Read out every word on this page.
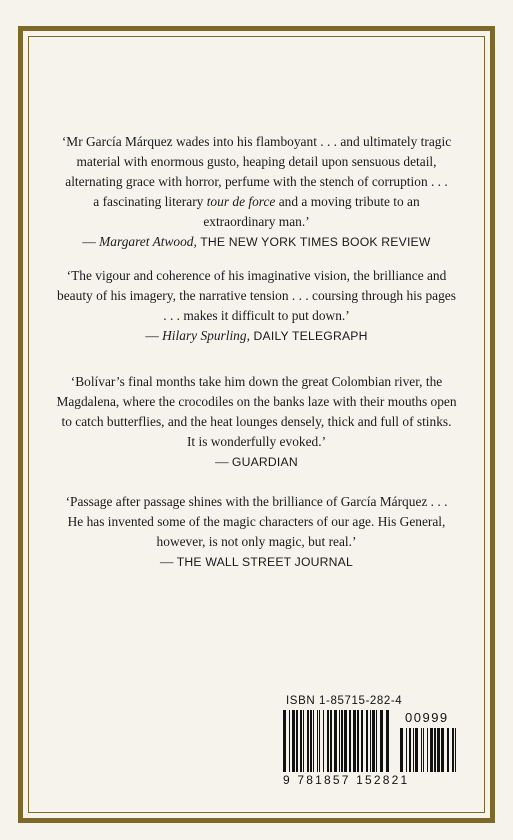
‘Mr García Márquez wades into his flamboyant . . . and ultimately tragic

material with enormous gusto, heaping detail upon sensuous detail,

alternating grace with horror, perfume with the stench of corruption . . .

a fascinating literary tour de force and a moving tribute to an

extraordinary man.’

— Margaret Atwood, THE NEW YORK TIMES BOOK REVIEW

‘The vigour and coherence of his imaginative vision, the brilliance and

beauty of his imagery, the narrative tension . . . coursing through his pages

. . . makes it difficult to put down.’

— Hilary Spurling, DAILY TELEGRAPH

‘Bolívar’s final months take him down the great Colombian river, the

Magdalena, where the crocodiles on the banks laze with their mouths open

to catch butterflies, and the heat lounges densely, thick and full of stinks.

It is wonderfully evoked.’

— GUARDIAN

‘Passage after passage shines with the brilliance of García Márquez . . .

He has invented some of the magic characters of our age. His General,

however, is not only magic, but real.’

— THE WALL STREET JOURNAL

ISBN 1-85715-282-4
00999
9 781857 152821
